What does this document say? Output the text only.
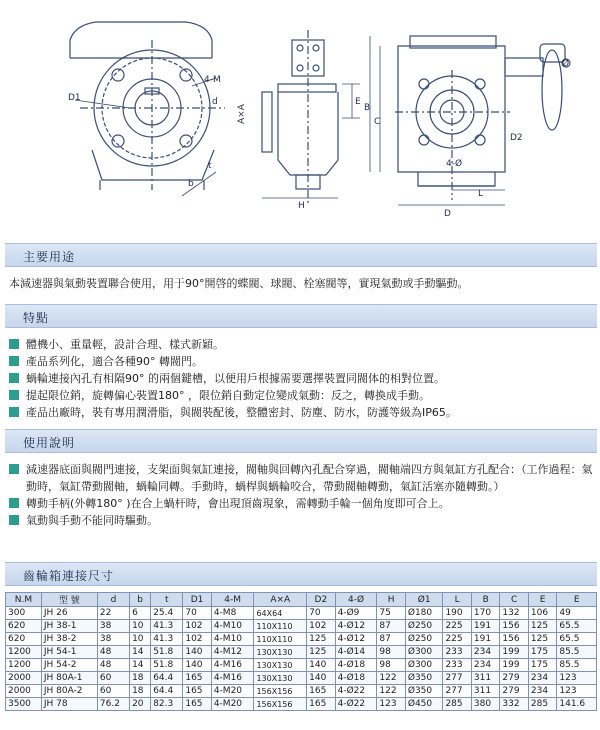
D1
4-M
d
b
t
A×A
E
H
B
C
Ø
D2
4-Ø
L
D
主要用途
本減速器與氣動裝置聯合使用，用于90°開啓的蝶閥、球閥、栓塞閥等，實現氣動或手動驅動。
特點
體機小、重量輕，設計合理、樣式新穎。
產品系列化，適合各種90° 轉閥門。
蝸輪連接內孔有相隔90° 的兩個鍵槽，以便用戶根據需要選擇裝置同閥体的相對位置。
提起限位銷，旋轉偏心裝置180° ，限位銷自動定位變成氣動：反之，轉換成手動。
產品出廠時，裝有專用潤滑脂，與閥裝配後，整體密封、防塵、防水，防護等級為IP65。
使用說明
減速器底面與閥門連接，支架面與氣缸連接，閥軸與回轉內孔配合穿過，閥軸端四方與氣缸方孔配合：（工作過程：氣動時，氣缸帶動閥軸，蝸輪同轉。手動時，蝸桿與蝸輪咬合，帶動閥軸轉動，氣缸活塞亦隨轉動。）
轉動手柄(外轉180° )在合上蝸杆時，會出現頂齒現象，需轉動手輪一個角度即可合上。
氣動與手動不能同時驅動。
齒輪箱連接尺寸
N.M	型 號	d	b	t	D1	4-M	A×A	D2	4-Ø	H	Ø1	L	B	C	E	E
300	JH 26	22	6	25.4	70	4-M8	64X64	70	4-Ø9	75	Ø180	190	170	132	106	49
620	JH 38-1	38	10	41.3	102	4-M10	110X110	102	4-Ø12	87	Ø250	225	191	156	125	65.5
620	JH 38-2	38	10	41.3	102	4-M10	110X110	125	4-Ø12	87	Ø250	225	191	156	125	65.5
1200	JH 54-1	48	14	51.8	140	4-M12	130X130	125	4-Ø14	98	Ø300	233	234	199	175	85.5
1200	JH 54-2	48	14	51.8	140	4-M16	130X130	140	4-Ø18	98	Ø300	233	234	199	175	85.5
2000	JH 80A-1	60	18	64.4	165	4-M16	130X130	140	4-Ø18	122	Ø350	277	311	279	234	123
2000	JH 80A-2	60	18	64.4	165	4-M20	156X156	165	4-Ø22	122	Ø350	277	311	279	234	123
3500	JH 78	76.2	20	82.3	165	4-M20	156X156	165	4-Ø22	123	Ø450	285	380	332	285	141.6
